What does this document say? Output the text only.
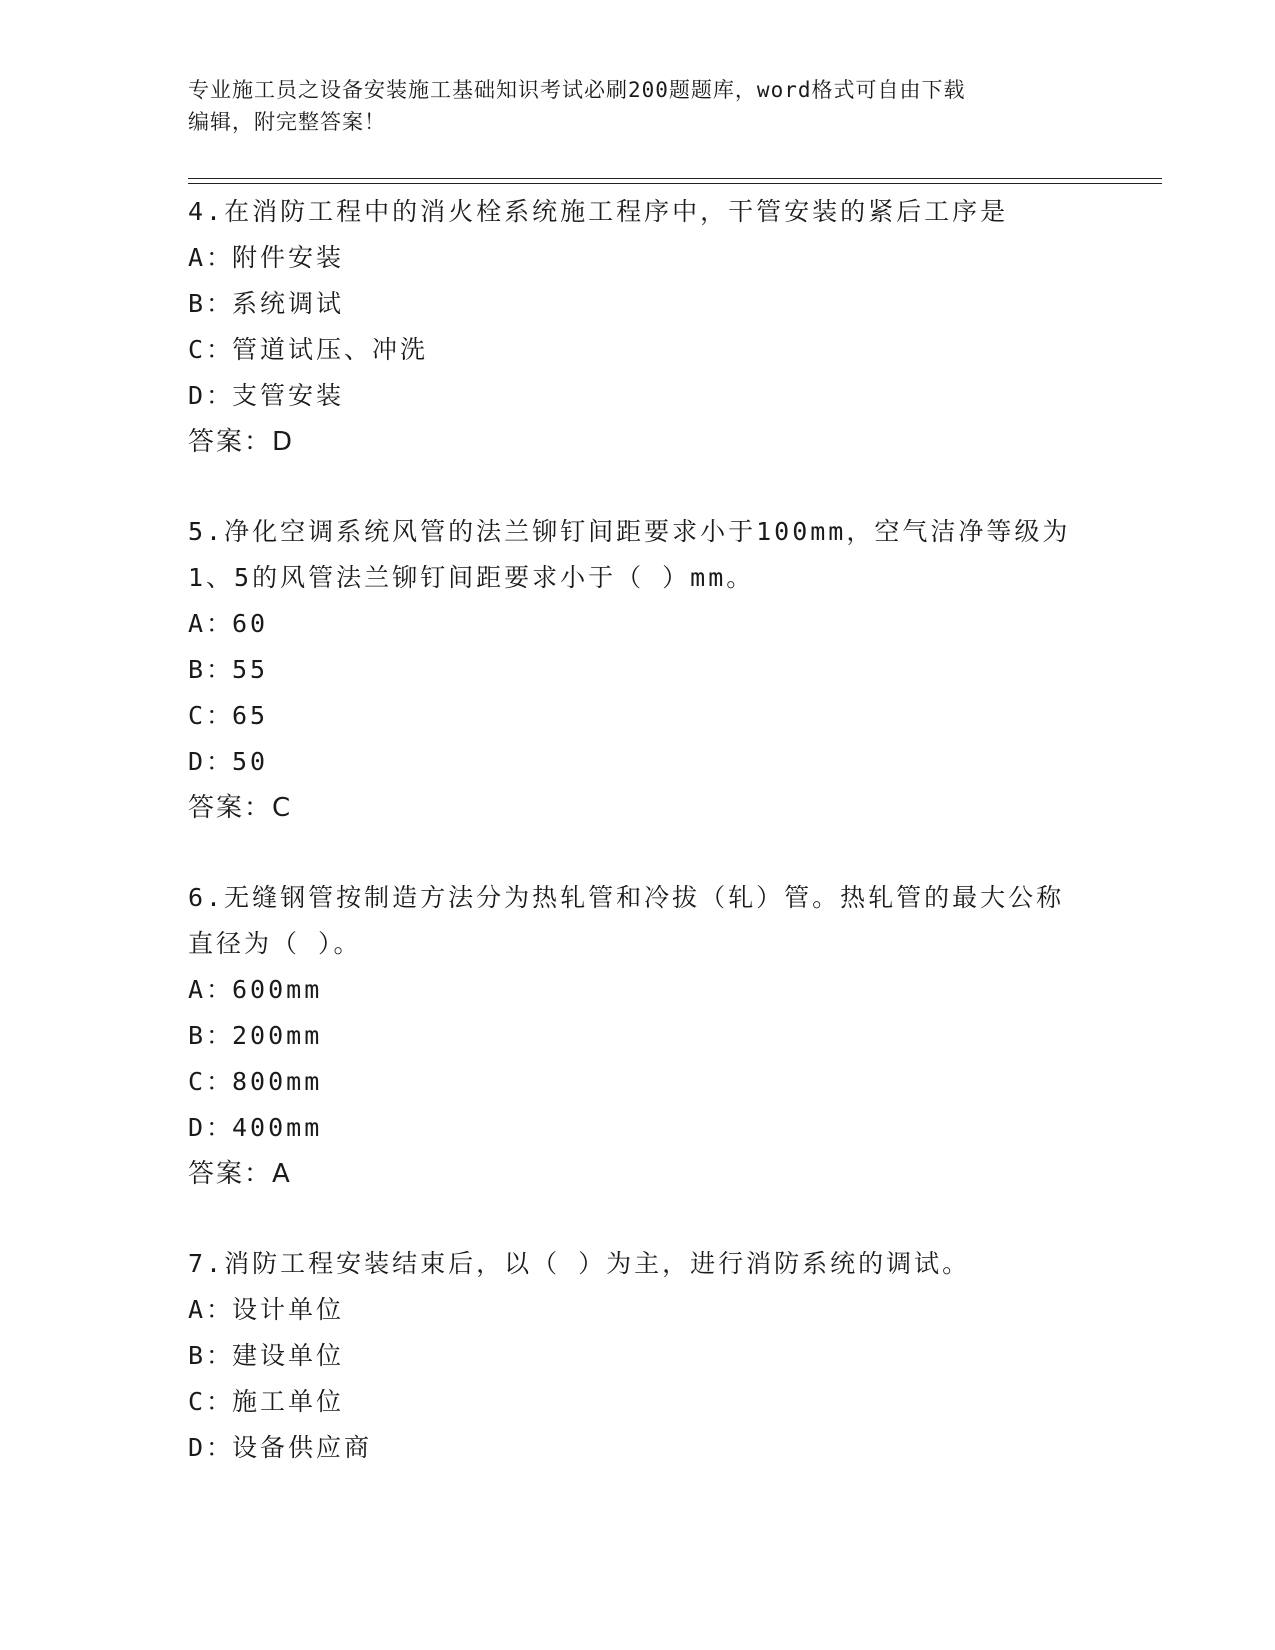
专业施工员之设备安装施工基础知识考试必刷200题题库，word格式可自由下载
编辑，附完整答案！

4.在消防工程中的消火栓系统施工程序中，干管安装的紧后工序是

A：
附件安装
B：
系统调试
C：
管道试压、冲洗
D：
支管安装

答案：D

5.净化空调系统风管的法兰铆钉间距要求小于100mm，空气洁净等级为1、5的风管法兰铆钉间距要求小于（ ）mm。

A：
60
B：
55
C：
65
D：
50

答案：C

6.无缝钢管按制造方法分为热轧管和冷拔（轧）管。热轧管的最大公称直径为（ ）。

A：
600mm
B：
200mm
C：
800mm
D：
400mm

答案：A

7.消防工程安装结束后，以（ ）为主，进行消防系统的调试。

A：
设计单位
B：
建设单位
C：
施工单位
D：
设备供应商
